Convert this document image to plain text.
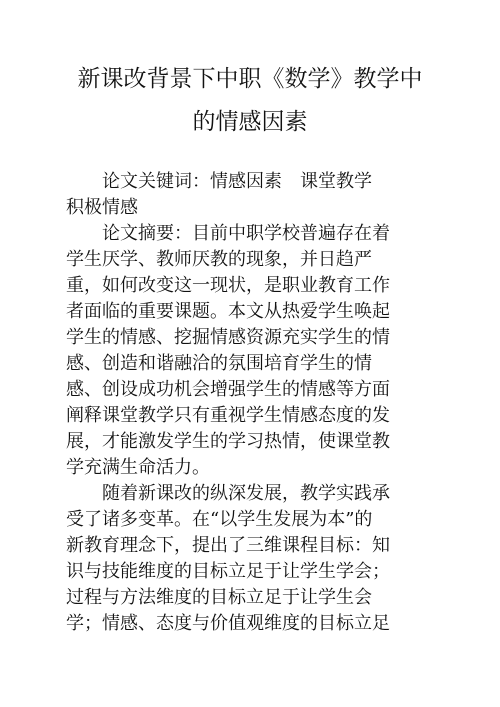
新课改背景下中职《数学》教学中
的情感因素
　　论文关键词：情感因素　课堂教学
积极情感
　　论文摘要：目前中职学校普遍存在着
学生厌学、教师厌教的现象，并日趋严
重，如何改变这一现状，是职业教育工作
者面临的重要课题。本文从热爱学生唤起
学生的情感、挖掘情感资源充实学生的情
感、创造和谐融洽的氛围培育学生的情
感、创设成功机会增强学生的情感等方面
阐释课堂教学只有重视学生情感态度的发
展，才能激发学生的学习热情，使课堂教
学充满生命活力。
　　随着新课改的纵深发展，教学实践承
受了诸多变革。在“以学生发展为本”的
新教育理念下，提出了三维课程目标：知
识与技能维度的目标立足于让学生学会；
过程与方法维度的目标立足于让学生会
学；情感、态度与价值观维度的目标立足
